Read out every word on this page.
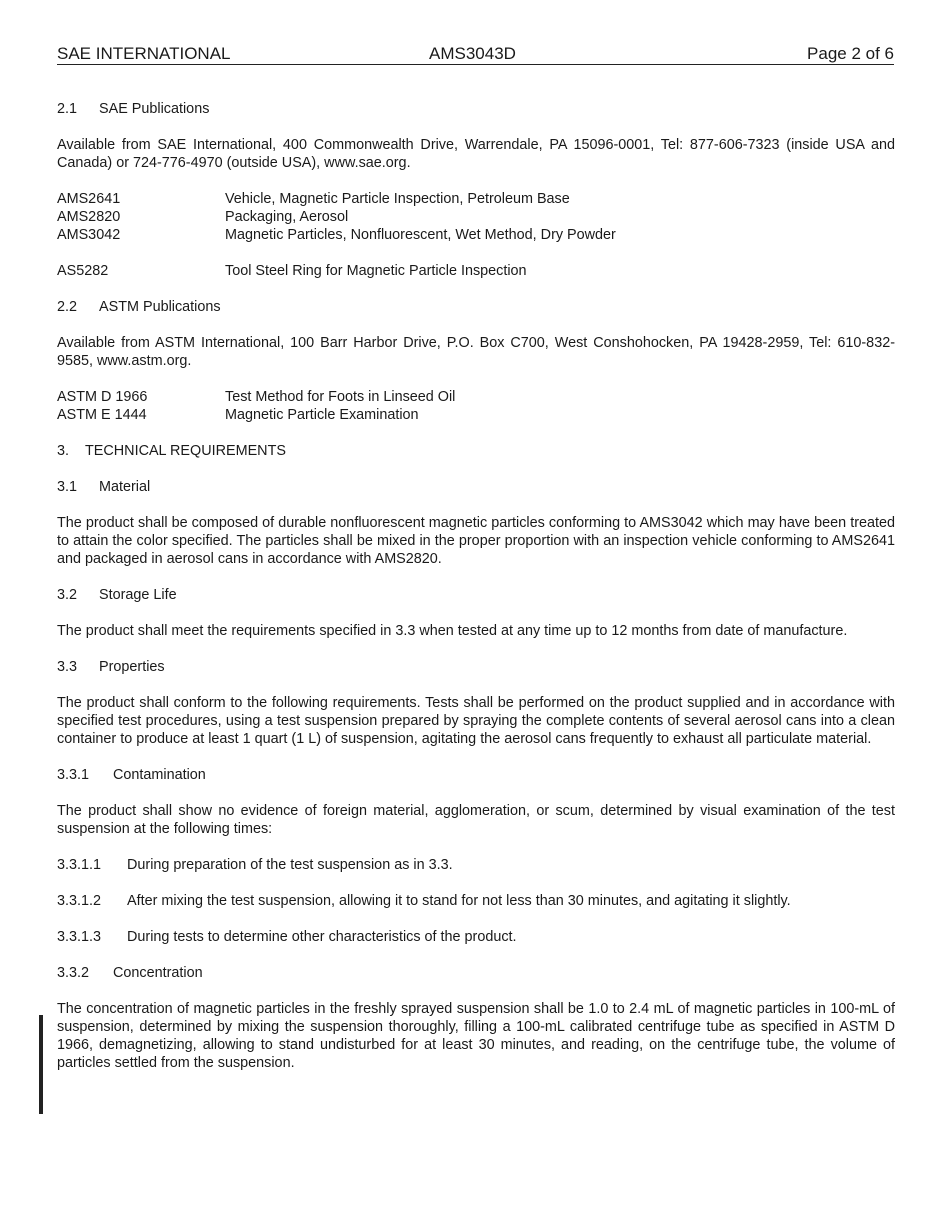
SAE INTERNATIONAL	AMS3043D	Page 2 of 6
2.1 SAE Publications

Available from SAE International, 400 Commonwealth Drive, Warrendale, PA 15096-0001, Tel: 877-606-7323 (inside USA and Canada) or 724-776-4970 (outside USA), www.sae.org.

AMS2641	Vehicle, Magnetic Particle Inspection, Petroleum Base
AMS2820	Packaging, Aerosol
AMS3042	Magnetic Particles, Nonfluorescent, Wet Method, Dry Powder
AS5282	Tool Steel Ring for Magnetic Particle Inspection
2.2 ASTM Publications

Available from ASTM International, 100 Barr Harbor Drive, P.O. Box C700, West Conshohocken, PA 19428-2959, Tel: 610-832-9585, www.astm.org.

ASTM D 1966	Test Method for Foots in Linseed Oil
ASTM E 1444	Magnetic Particle Examination
3. TECHNICAL REQUIREMENTS
3.1 Material

The product shall be composed of durable nonfluorescent magnetic particles conforming to AMS3042 which may have been treated to attain the color specified. The particles shall be mixed in the proper proportion with an inspection vehicle conforming to AMS2641 and packaged in aerosol cans in accordance with AMS2820.

3.2 Storage Life

The product shall meet the requirements specified in 3.3 when tested at any time up to 12 months from date of manufacture.

3.3 Properties

The product shall conform to the following requirements. Tests shall be performed on the product supplied and in accordance with specified test procedures, using a test suspension prepared by spraying the complete contents of several aerosol cans into a clean container to produce at least 1 quart (1 L) of suspension, agitating the aerosol cans frequently to exhaust all particulate material.

3.3.1 Contamination

The product shall show no evidence of foreign material, agglomeration, or scum, determined by visual examination of the test suspension at the following times:

3.3.1.1 During preparation of the test suspension as in 3.3.
3.3.1.2 After mixing the test suspension, allowing it to stand for not less than 30 minutes, and agitating it slightly.
3.3.1.3 During tests to determine other characteristics of the product.
3.3.2 Concentration

The concentration of magnetic particles in the freshly sprayed suspension shall be 1.0 to 2.4 mL of magnetic particles in 100-mL of suspension, determined by mixing the suspension thoroughly, filling a 100-mL calibrated centrifuge tube as specified in ASTM D 1966, demagnetizing, allowing to stand undisturbed for at least 30 minutes, and reading, on the centrifuge tube, the volume of particles settled from the suspension.
